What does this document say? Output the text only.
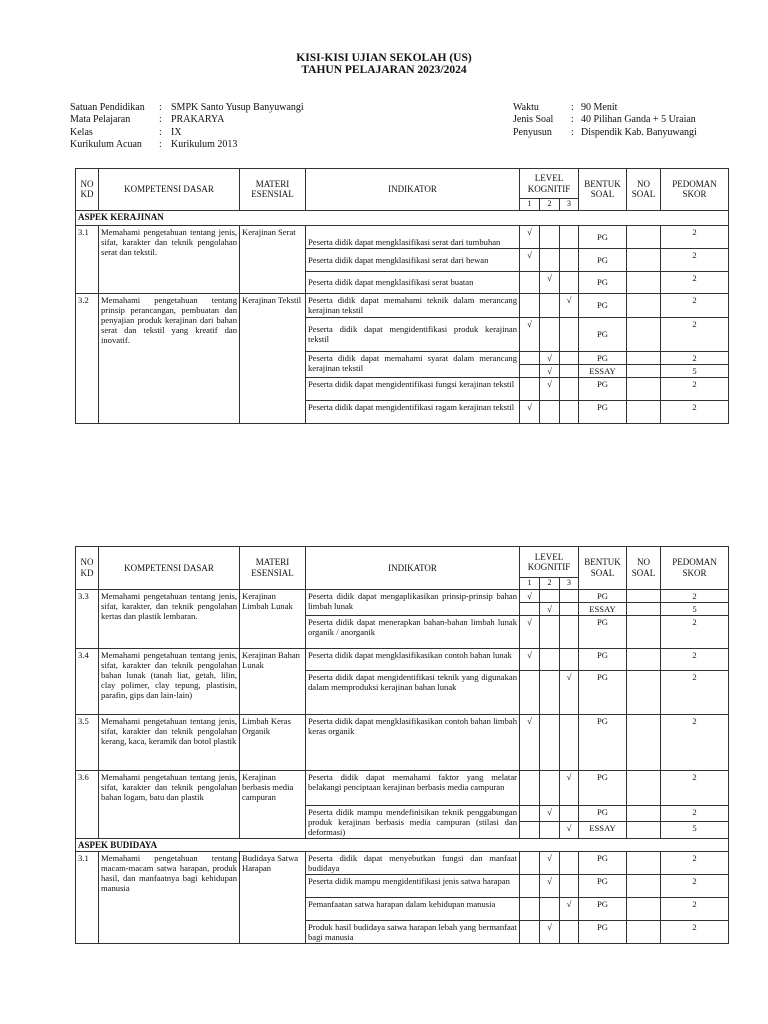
KISI-KISI UJIAN SEKOLAH (US)
TAHUN PELAJARAN 2023/2024
Satuan Pendidikan	: SMPK Santo Yusup Banyuwangi
Mata Pelajaran	: PRAKARYA
Kelas	: IX
Kurikulum Acuan	: Kurikulum 2013
Waktu	: 90 Menit
Jenis Soal	: 40 Pilihan Ganda + 5 Uraian
Penyusun	: Dispendik Kab. Banyuwangi
NO KD	KOMPETENSI DASAR	MATERI ESENSIAL	INDIKATOR	LEVEL KOGNITIF			BENTUK SOAL	NO SOAL	PEDOMAN SKOR
				1	2	3			
ASPEK KERAJINAN									
3.1	Memahami pengetahuan tentang jenis, sifat, karakter dan teknik pengolahan serat dan tekstil.	Kerajinan Serat	Peserta didik dapat mengklasifikasi serat dari tumbuhan	√			PG		2
			Peserta didik dapat mengklasifikasi serat dari hewan	√			PG		2
			Peserta didik dapat mengklasifikasi serat buatan		√		PG		2
3.2	Memahami pengetahuan tentang prinsip perancangan, pembuatan dan penyajian produk kerajinan dari bahan serat dan tekstil yang kreatif dan inovatif.	Kerajinan Tekstil	Peserta didik dapat memahami teknik dalam merancang kerajinan tekstil			√	PG		2
			Peserta didik dapat mengidentifikasi produk kerajinan tekstil	√			PG		2
			Peserta didik dapat memahami syarat dalam merancang kerajinan tekstil		√		PG		2
					√		ESSAY		5
			Peserta didik dapat mengidentifikasi fungsi kerajinan tekstil		√		PG		2
			Peserta didik dapat mengidentifikasi ragam kerajinan tekstil	√			PG		2
NO KD	KOMPETENSI DASAR	MATERI ESENSIAL	INDIKATOR	LEVEL KOGNITIF			BENTUK SOAL	NO SOAL	PEDOMAN SKOR
				1	2	3			
3.3	Memahami pengetahuan tentang jenis, sifat, karakter, dan teknik pengolahan kertas dan plastik lembaran.	Kerajinan Limbah Lunak	Peserta didik dapat mengaplikasikan prinsip-prinsip bahan limbah lunak	√			PG		2
					√		ESSAY		5
			Peserta didik dapat menerapkan bahan-bahan limbah lunak organik / anorganik	√			PG		2
3.4	Memahami pengetahuan tentang jenis, sifat, karakter dan teknik pengolahan bahan lunak (tanah liat, getah, lilin, clay polimer, clay tepung, plastisin, parafin, gips dan lain-lain)	Kerajinan Bahan Lunak	Peserta didik dapat mengklasifikasikan contoh bahan lunak	√			PG		2
			Peserta didik dapat mengidentifikasi teknik yang digunakan dalam memproduksi kerajinan bahan lunak			√	PG		2
3.5	Memahami pengetahuan tentang jenis, sifat, karakter dan teknik pengolahan kerang, kaca, keramik dan botol plastik	Limbah Keras Organik	Peserta didik dapat mengklasifikasikan contoh bahan limbah keras organik	√			PG		2
3.6	Memahami pengetahuan tentang jenis, sifat, karakter dan teknik pengolahan bahan logam, batu dan plastik	Kerajinan berbasis media campuran	Peserta didik dapat memahami faktor yang melatar belakangi penciptaan kerajinan berbasis media campuran			√	PG		2
			Peserta didik mampu mendefinisikan teknik penggabungan produk kerajinan berbasis media campuran (stilasi dan deformasi)		√		PG		2
						√	ESSAY		5
ASPEK BUDIDAYA									
3.1	Memahami pengetahuan tentang macam-macam satwa harapan, produk hasil, dan manfaatnya bagi kehidupan manusia	Budidaya Satwa Harapan	Peserta didik dapat menyebutkan fungsi dan manfaat budidaya		√		PG		2
			Peserta didik mampu mengidentifikasi jenis satwa harapan		√		PG		2
			Pemanfaatan satwa harapan dalam kehidupan manusia			√	PG		2
			Produk hasil budidaya satwa harapan lebah yang bermanfaat bagi manusia		√		PG		2
